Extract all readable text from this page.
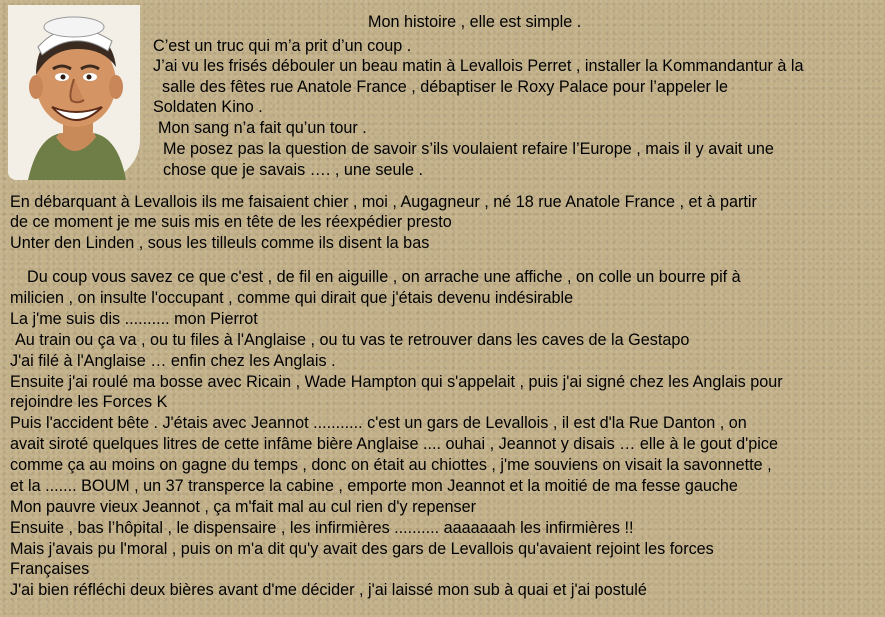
Mon histoire , elle est simple .
C’est un truc qui m’a prit d’un coup .
J’ai vu les frisés débouler un beau matin à Levallois Perret , installer la Kommandantur à la
salle des fêtes rue Anatole France , débaptiser le Roxy Palace pour l’appeler le
Soldaten Kino .
Mon sang n’a fait qu’un tour .
Me posez pas la question de savoir s’ils voulaient refaire l’Europe , mais il y avait une
chose que je savais …. , une seule .
En débarquant à Levallois ils me faisaient chier , moi , Augagneur , né 18 rue Anatole France , et à partir
de ce moment je me suis mis en tête de les réexpédier presto
Unter den Linden , sous les tilleuls comme ils disent la bas
Du coup vous savez ce que c'est , de fil en aiguille , on arrache une affiche , on colle un bourre pif à
milicien , on insulte l'occupant , comme qui dirait que j'étais devenu indésirable
La j'me suis dis .......... mon Pierrot
Au train ou ça va , ou tu files à l'Anglaise , ou tu vas te retrouver dans les caves de la Gestapo
J'ai filé à l'Anglaise … enfin chez les Anglais .
Ensuite j'ai roulé ma bosse avec Ricain , Wade Hampton qui s'appelait , puis j'ai signé chez les Anglais pour
rejoindre les Forces K
Puis l'accident bête . J'étais avec Jeannot ........... c'est un gars de Levallois , il est d'la Rue Danton , on
avait siroté quelques litres de cette infâme bière Anglaise .... ouhai , Jeannot y disais … elle à le gout d'pice
comme ça au moins on gagne du temps , donc on était au chiottes , j'me souviens on visait la savonnette ,
et la ....... BOUM , un 37 transperce la cabine , emporte mon Jeannot et la moitié de ma fesse gauche
Mon pauvre vieux Jeannot , ça m'fait mal au cul rien d'y repenser
Ensuite , bas l’hôpital , le dispensaire , les infirmières .......... aaaaaaah les infirmières !!
Mais j'avais pu l'moral , puis on m'a dit qu'y avait des gars de Levallois qu'avaient rejoint les forces
Françaises
J'ai bien réfléchi deux bières avant d'me décider , j'ai laissé mon sub à quai et j'ai postulé
